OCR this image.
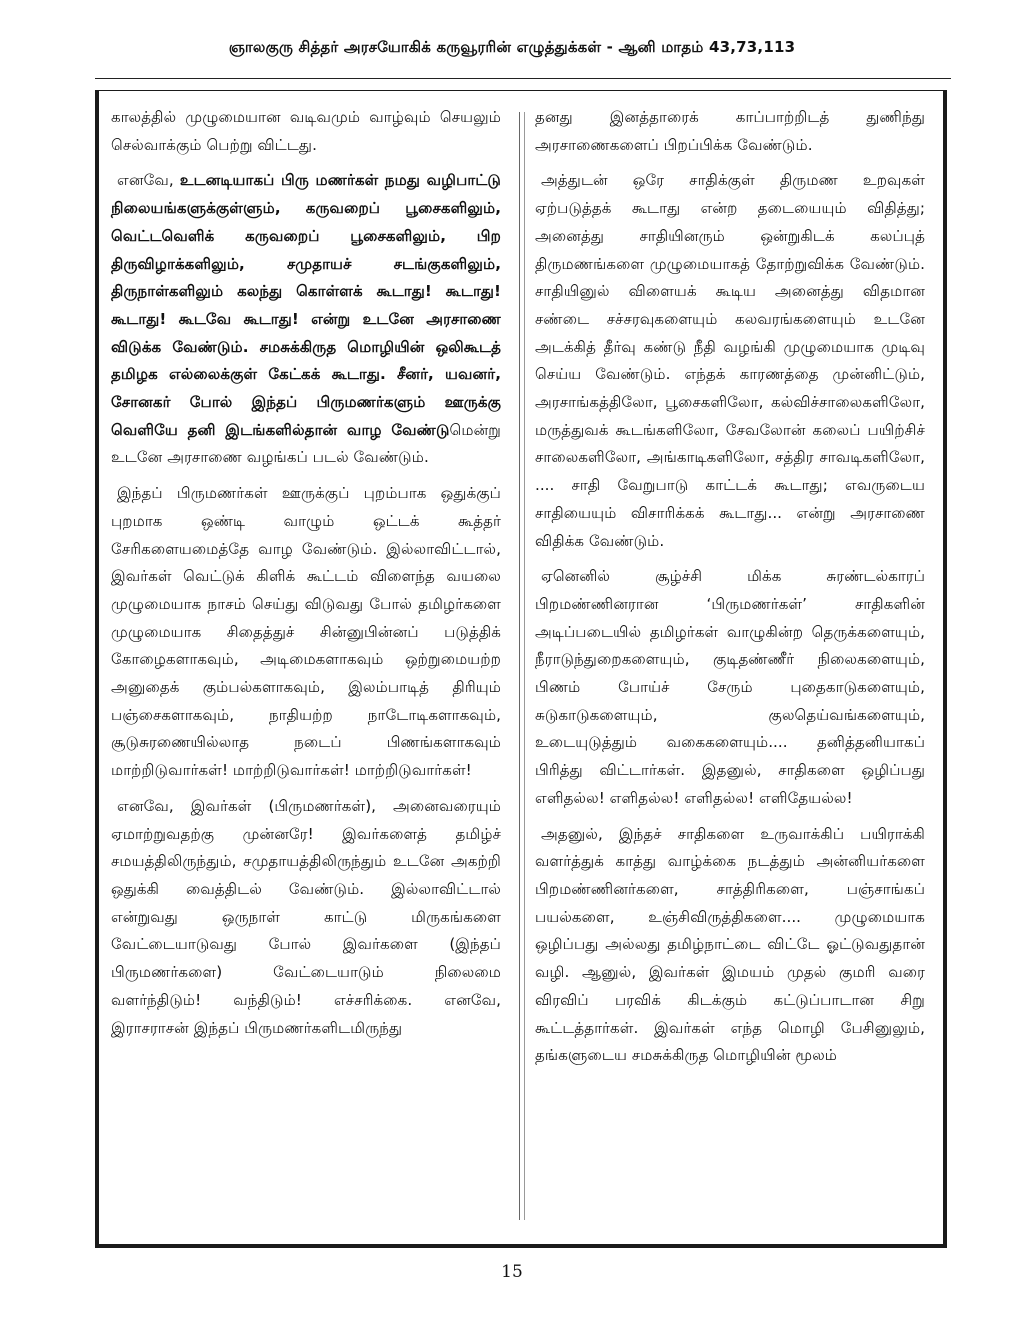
ஞாலகுரு சித்தர் அரசயோகிக் கருவூரரின் எழுத்துக்கள் - ஆனி மாதம் 43,73,113

காலத்தில் முழுமையான வடிவமும் வாழ்வும் செயலும் செல்வாக்கும் பெற்று விட்டது.

எனவே, உடனடியாகப் பிரு மணர்கள் நமது வழிபாட்டு நிலையங்களுக்குள்ளும், கருவறைப் பூசைகளிலும், வெட்டவெளிக் கருவறைப் பூசைகளிலும், பிற திருவிழாக்களிலும், சமுதாயச் சடங்குகளிலும், திருநாள்களிலும் கலந்து கொள்ளக் கூடாது! கூடாது! கூடாது! கூடவே கூடாது! என்று உடனே அரசாணை விடுக்க வேண்டும். சமசுக்கிருத மொழியின் ஒலிகூடத் தமிழக எல்லைக்குள் கேட்கக் கூடாது. சீனர், யவனர், சோனகர் போல் இந்தப் பிருமணர்களும் ஊருக்கு வெளியே தனி இடங்களில்தான் வாழ வேண்டுமென்று உடனே அரசாணை வழங்கப் படல் வேண்டும்.

இந்தப் பிருமணர்கள் ஊருக்குப் புறம்பாக ஒதுக்குப் புறமாக ஒண்டி வாழும் ஒட்டக் கூத்தர் சேரிகளையமைத்தே வாழ வேண்டும். இல்லாவிட்டால், இவர்கள் வெட்டுக் கிளிக் கூட்டம் விளைந்த வயலை முழுமையாக நாசம் செய்து விடுவது போல் தமிழர்களை முழுமையாக சிதைத்துச் சின்னுபின்னப் படுத்திக் கோழைகளாகவும், அடிமைகளாகவும் ஒற்றுமையற்ற அனுதைக் கும்பல்களாகவும், இலம்பாடித் திரியும் பஞ்சைகளாகவும், நாதியற்ற நாடோடிகளாகவும், சூடுசுரணையில்லாத நடைப் பிணங்களாகவும் மாற்றிடுவார்கள்! மாற்றிடுவார்கள்! மாற்றிடுவார்கள்!

எனவே, இவர்கள் (பிருமணர்கள்), அனைவரையும் ஏமாற்றுவதற்கு முன்னரே! இவர்களைத் தமிழ்ச் சமயத்திலிருந்தும், சமுதாயத்திலிருந்தும் உடனே அகற்றி ஒதுக்கி வைத்திடல் வேண்டும். இல்லாவிட்டால் என்றுவது ஒருநாள் காட்டு மிருகங்களை வேட்டையாடுவது போல் இவர்களை (இந்தப் பிருமணர்களை) வேட்டையாடும் நிலைமை வளர்ந்திடும்! வந்திடும்! எச்சரிக்கை. எனவே, இராசராசன் இந்தப் பிருமணர்களிடமிருந்து

தனது இனத்தாரைக் காப்பாற்றிடத் துணிந்து அரசாணைகளைப் பிறப்பிக்க வேண்டும்.

அத்துடன் ஒரே சாதிக்குள் திருமண உறவுகள் ஏற்படுத்தக் கூடாது என்ற தடையையும் விதித்து; அனைத்து சாதியினரும் ஒன்றுகிடக் கலப்புத் திருமணங்களை முழுமையாகத் தோற்றுவிக்க வேண்டும். சாதியினுல் விளையக் கூடிய அனைத்து விதமான சண்டை சச்சரவுகளையும் கலவரங்களையும் உடனே அடக்கித் தீர்வு கண்டு நீதி வழங்கி முழுமையாக முடிவு செய்ய வேண்டும். எந்தக் காரணத்தை முன்னிட்டும், அரசாங்கத்திலோ, பூசைகளிலோ, கல்விச்சாலைகளிலோ, மருத்துவக் கூடங்களிலோ, சேவலோன் கலைப் பயிற்சிச் சாலைகளிலோ, அங்காடிகளிலோ, சத்திர சாவடிகளிலோ, .... சாதி வேறுபாடு காட்டக் கூடாது; எவருடைய சாதியையும் விசாரிக்கக் கூடாது... என்று அரசாணை விதிக்க வேண்டும்.

ஏனெனில் சூழ்ச்சி மிக்க சுரண்டல்காரப் பிறமண்ணினரான ‘பிருமணர்கள்’ சாதிகளின் அடிப்படையில் தமிழர்கள் வாழுகின்ற தெருக்களையும், நீராடுந்துறைகளையும், குடிதண்ணீர் நிலைகளையும், பிணம் போய்ச் சேரும் புதைகாடுகளையும், சுடுகாடுகளையும், குலதெய்வங்களையும், உடையுடுத்தும் வகைகளையும்.... தனித்தனியாகப் பிரித்து விட்டார்கள். இதனுல், சாதிகளை ஒழிப்பது எளிதல்ல! எளிதல்ல! எளிதல்ல! எளிதேயல்ல!

அதனுல், இந்தச் சாதிகளை உருவாக்கிப் பயிராக்கி வளர்த்துக் காத்து வாழ்க்கை நடத்தும் அன்னியர்களை பிறமண்ணினர்களை, சாத்திரிகளை, பஞ்சாங்கப் பயல்களை, உஞ்சிவிருத்திகளை.... முழுமையாக ஒழிப்பது அல்லது தமிழ்நாட்டை விட்டே ஓட்டுவதுதான் வழி. ஆனுல், இவர்கள் இமயம் முதல் குமரி வரை விரவிப் பரவிக் கிடக்கும் கட்டுப்பாடான சிறு கூட்டத்தார்கள். இவர்கள் எந்த மொழி பேசினுலும், தங்களுடைய சமசுக்கிருத மொழியின் மூலம்

15
